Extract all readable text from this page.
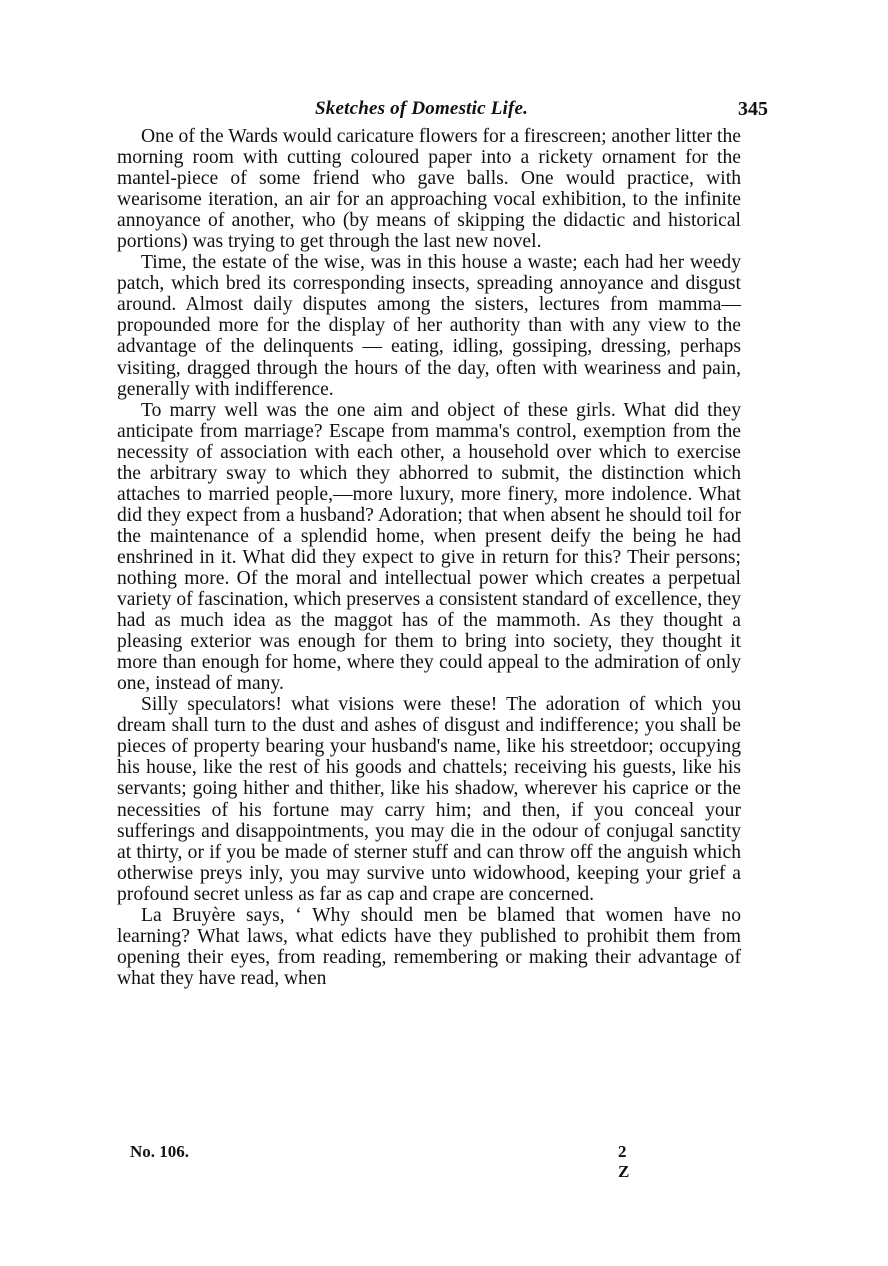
Sketches of Domestic Life.	345

One of the Wards would caricature flowers for a firescreen; another litter the morning room with cutting coloured paper into a rickety ornament for the mantel-piece of some friend who gave balls. One would practice, with wearisome iteration, an air for an approaching vocal exhibition, to the infinite annoyance of another, who (by means of skipping the didactic and historical portions) was trying to get through the last new novel.

Time, the estate of the wise, was in this house a waste; each had her weedy patch, which bred its corresponding insects, spreading annoyance and disgust around. Almost daily disputes among the sisters, lectures from mamma—propounded more for the display of her authority than with any view to the advantage of the delinquents — eating, idling, gossiping, dressing, perhaps visiting, dragged through the hours of the day, often with weariness and pain, generally with indifference.

To marry well was the one aim and object of these girls. What did they anticipate from marriage? Escape from mamma's control, exemption from the necessity of association with each other, a household over which to exercise the arbitrary sway to which they abhorred to submit, the distinction which attaches to married people,—more luxury, more finery, more indolence. What did they expect from a husband? Adoration; that when absent he should toil for the maintenance of a splendid home, when present deify the being he had enshrined in it. What did they expect to give in return for this? Their persons; nothing more. Of the moral and intellectual power which creates a perpetual variety of fascination, which preserves a consistent standard of excellence, they had as much idea as the maggot has of the mammoth. As they thought a pleasing exterior was enough for them to bring into society, they thought it more than enough for home, where they could appeal to the admiration of only one, instead of many.

Silly speculators! what visions were these! The adoration of which you dream shall turn to the dust and ashes of disgust and indifference; you shall be pieces of property bearing your husband's name, like his streetdoor; occupying his house, like the rest of his goods and chattels; receiving his guests, like his servants; going hither and thither, like his shadow, wherever his caprice or the necessities of his fortune may carry him; and then, if you conceal your sufferings and disappointments, you may die in the odour of conjugal sanctity at thirty, or if you be made of sterner stuff and can throw off the anguish which otherwise preys inly, you may survive unto widowhood, keeping your grief a profound secret unless as far as cap and crape are concerned.

La Bruyère says, ‘ Why should men be blamed that women have no learning? What laws, what edicts have they published to prohibit them from opening their eyes, from reading, remembering or making their advantage of what they have read, when

No. 106.	2 Z
